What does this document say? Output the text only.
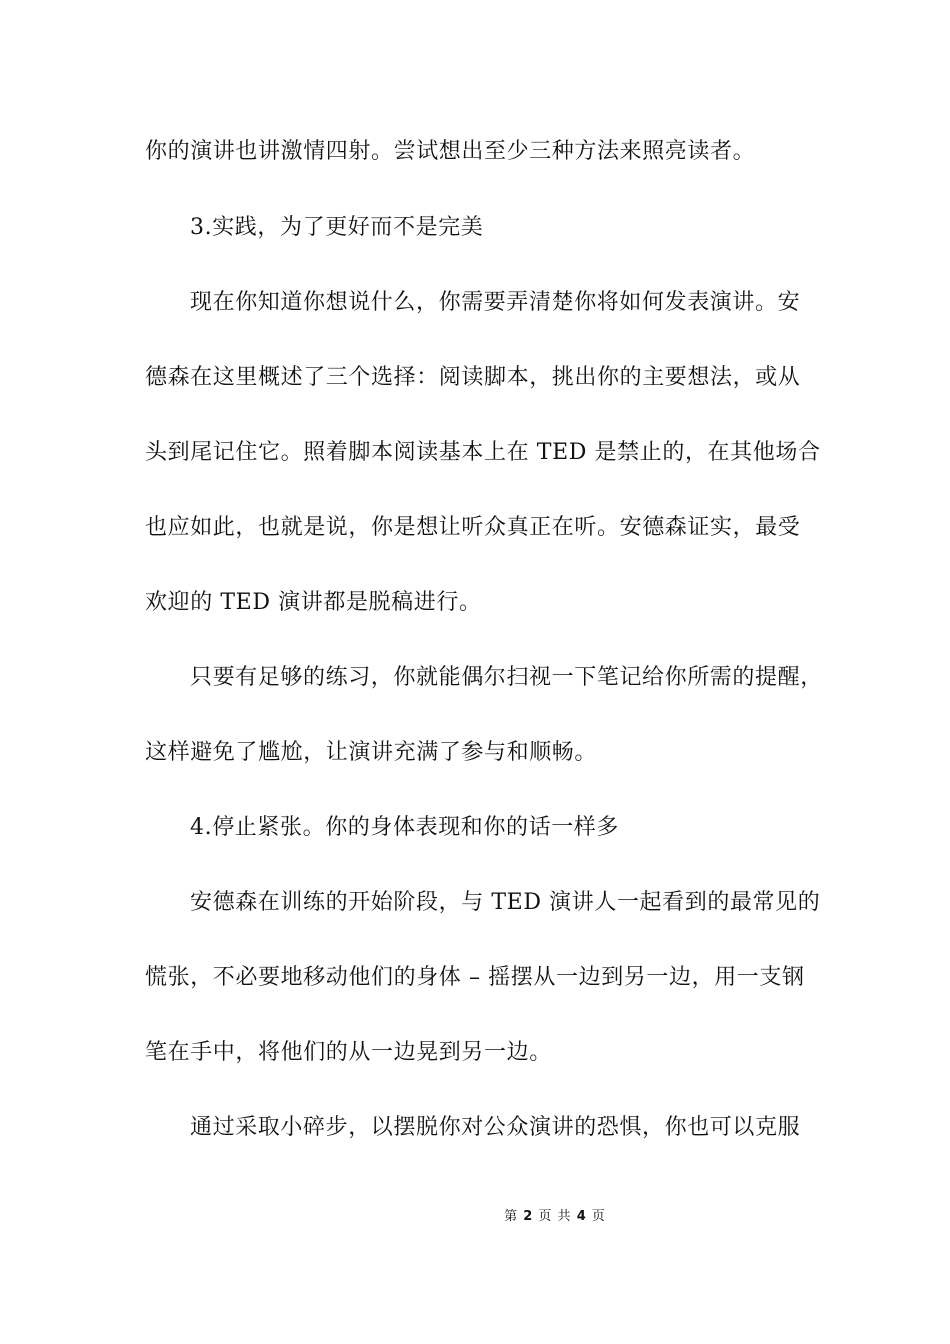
你的演讲也讲激情四射。尝试想出至少三种方法来照亮读者。
3.实践，为了更好而不是完美
现在你知道你想说什么，你需要弄清楚你将如何发表演讲。安
德森在这里概述了三个选择：阅读脚本，挑出你的主要想法，或从
头到尾记住它。照着脚本阅读基本上在 TED 是禁止的，在其他场合
也应如此，也就是说，你是想让听众真正在听。安德森证实，最受
欢迎的 TED 演讲都是脱稿进行。
只要有足够的练习，你就能偶尔扫视一下笔记给你所需的提醒，
这样避免了尴尬，让演讲充满了参与和顺畅。
4.停止紧张。你的身体表现和你的话一样多
安德森在训练的开始阶段，与 TED 演讲人一起看到的最常见的
慌张，不必要地移动他们的身体 – 摇摆从一边到另一边，用一支钢
笔在手中，将他们的从一边晃到另一边。
通过采取小碎步，以摆脱你对公众演讲的恐惧，你也可以克服
第 2 页 共 4 页
